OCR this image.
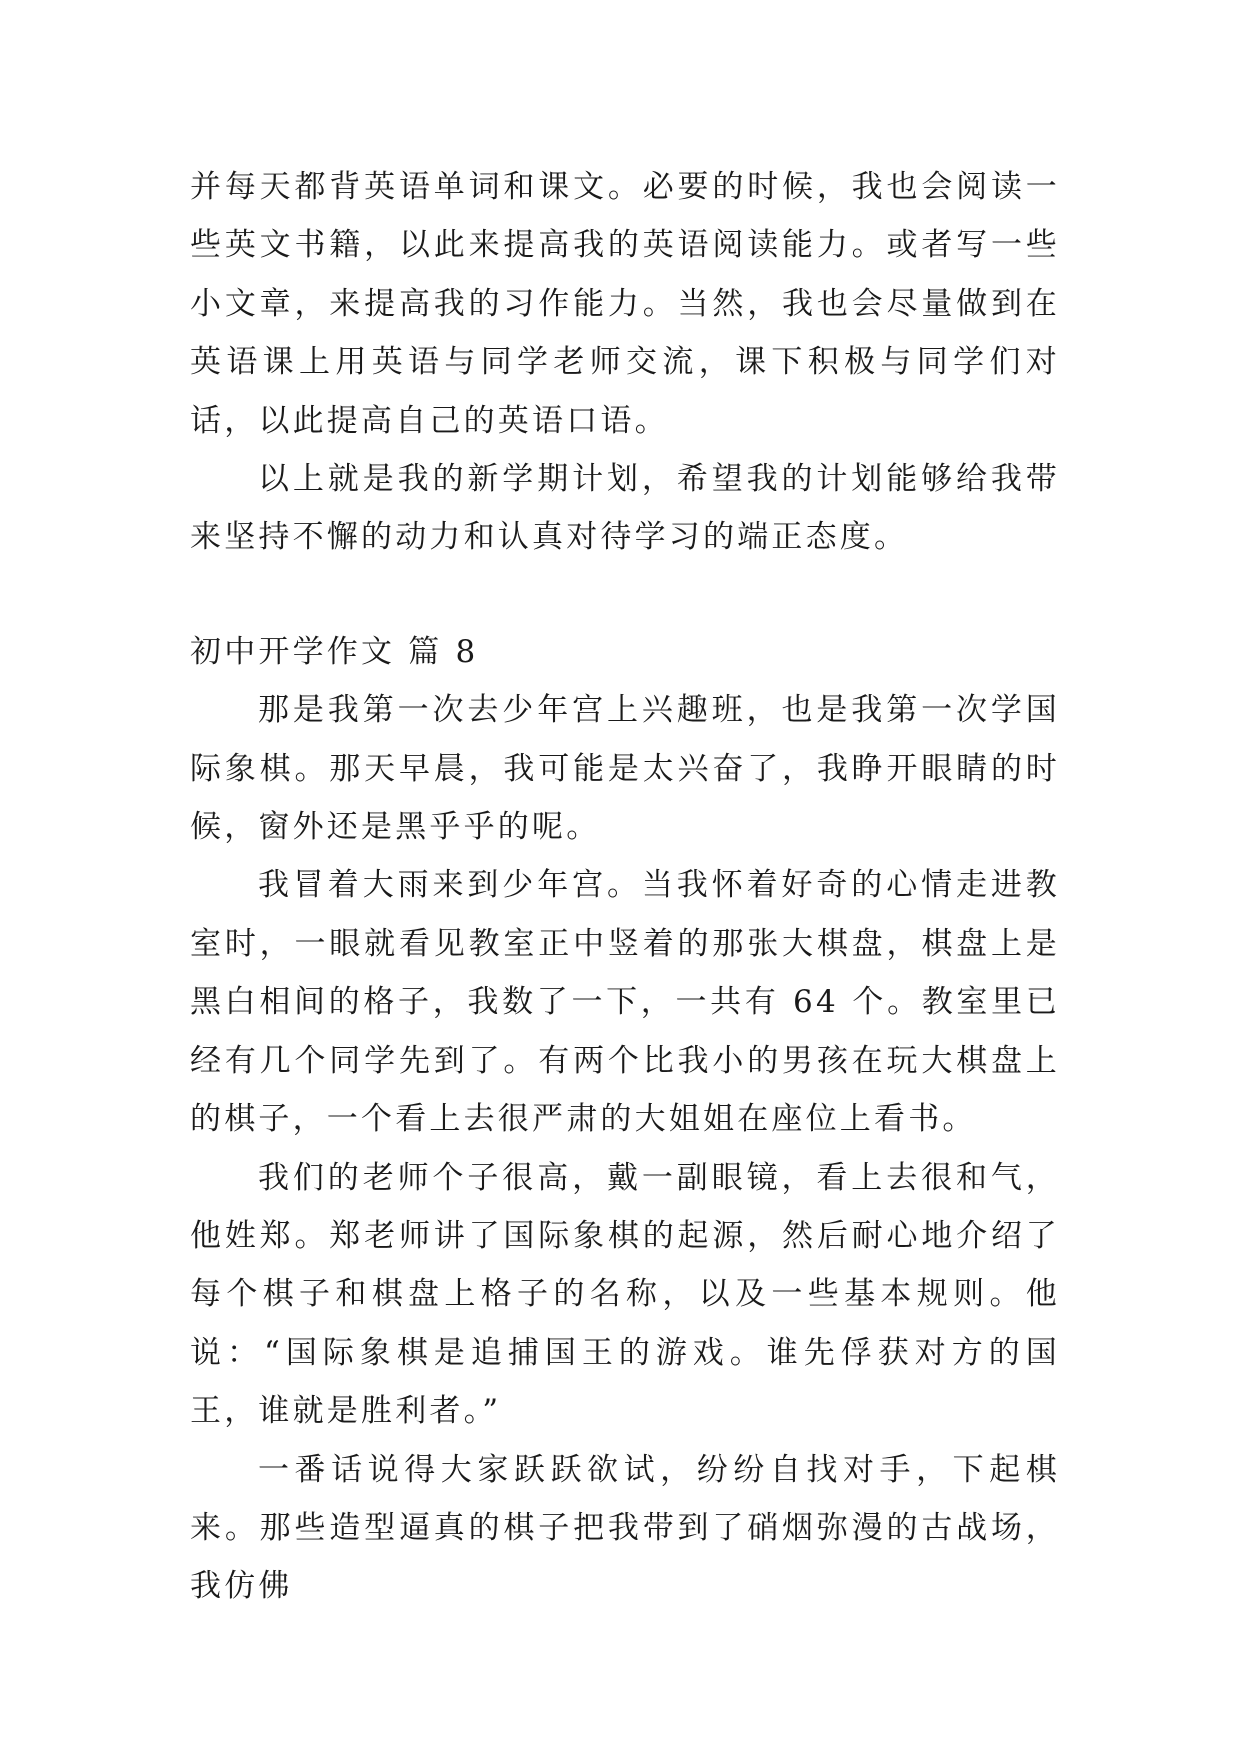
并每天都背英语单词和课文。必要的时候，我也会阅读一些英文书籍，以此来提高我的英语阅读能力。或者写一些小文章，来提高我的习作能力。当然，我也会尽量做到在英语课上用英语与同学老师交流，课下积极与同学们对话，以此提高自己的英语口语。

以上就是我的新学期计划，希望我的计划能够给我带来坚持不懈的动力和认真对待学习的端正态度。

初中开学作文 篇 8

那是我第一次去少年宫上兴趣班，也是我第一次学国际象棋。那天早晨，我可能是太兴奋了，我睁开眼睛的时候，窗外还是黑乎乎的呢。

我冒着大雨来到少年宫。当我怀着好奇的心情走进教室时，一眼就看见教室正中竖着的那张大棋盘，棋盘上是黑白相间的格子，我数了一下，一共有 64 个。教室里已经有几个同学先到了。有两个比我小的男孩在玩大棋盘上的棋子，一个看上去很严肃的大姐姐在座位上看书。

我们的老师个子很高，戴一副眼镜，看上去很和气，他姓郑。郑老师讲了国际象棋的起源，然后耐心地介绍了每个棋子和棋盘上格子的名称，以及一些基本规则。他说：“国际象棋是追捕国王的游戏。谁先俘获对方的国王，谁就是胜利者。”

一番话说得大家跃跃欲试，纷纷自找对手，下起棋来。那些造型逼真的棋子把我带到了硝烟弥漫的古战场，我仿佛
